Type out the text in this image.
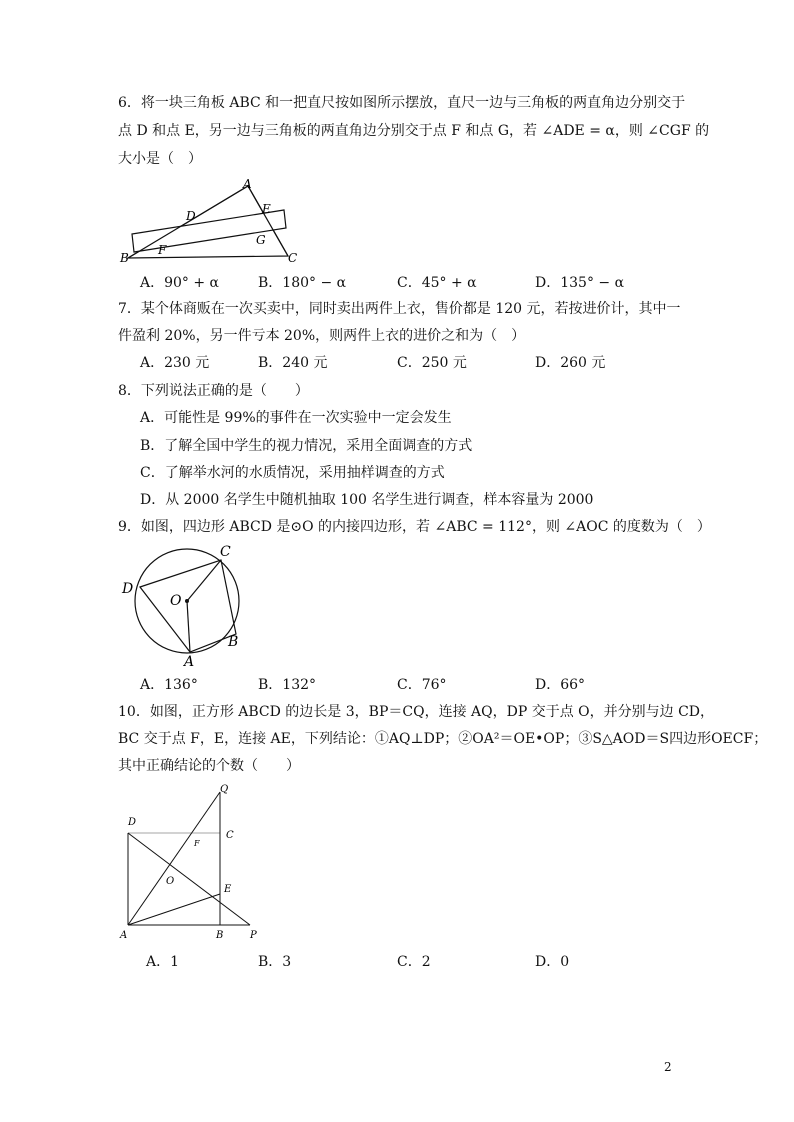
6．将一块三角板 ABC 和一把直尺按如图所示摆放，直尺一边与三角板的两直角边分别交于
点 D 和点 E，另一边与三角板的两直角边分别交于点 F 和点 G，若 ∠ADE = α，则 ∠CGF 的
大小是（　）
A
D	E
G
F
B	C
A．90° + α	B．180° − α	C．45° + α	D．135° − α
7．某个体商贩在一次买卖中，同时卖出两件上衣，售价都是 120 元，若按进价计，其中一
件盈利 20%，另一件亏本 20%，则两件上衣的进价之和为（　）
A．230 元	B．240 元	C．250 元	D．260 元
8．下列说法正确的是（　　）
A．可能性是 99%的事件在一次实验中一定会发生
B．了解全国中学生的视力情况，采用全面调查的方式
C．了解举水河的水质情况，采用抽样调查的方式
D．从 2000 名学生中随机抽取 100 名学生进行调查，样本容量为 2000
9．如图，四边形 ABCD 是⊙O 的内接四边形，若 ∠ABC = 112°，则 ∠AOC 的度数为（　）
C
D
O
B
A
A．136°	B．132°	C．76°	D．66°
10．如图，正方形 ABCD 的边长是 3，BP＝CQ，连接 AQ，DP 交于点 O，并分别与边 CD，
BC 交于点 F，E，连接 AE，下列结论：①AQ⊥DP；②OA²＝OE•OP；③S△AOD＝S四边形OECF；
其中正确结论的个数（　　）
Q
D
C
F
O
E
A	B	P
A．1	B．3	C．2	D．0
2
